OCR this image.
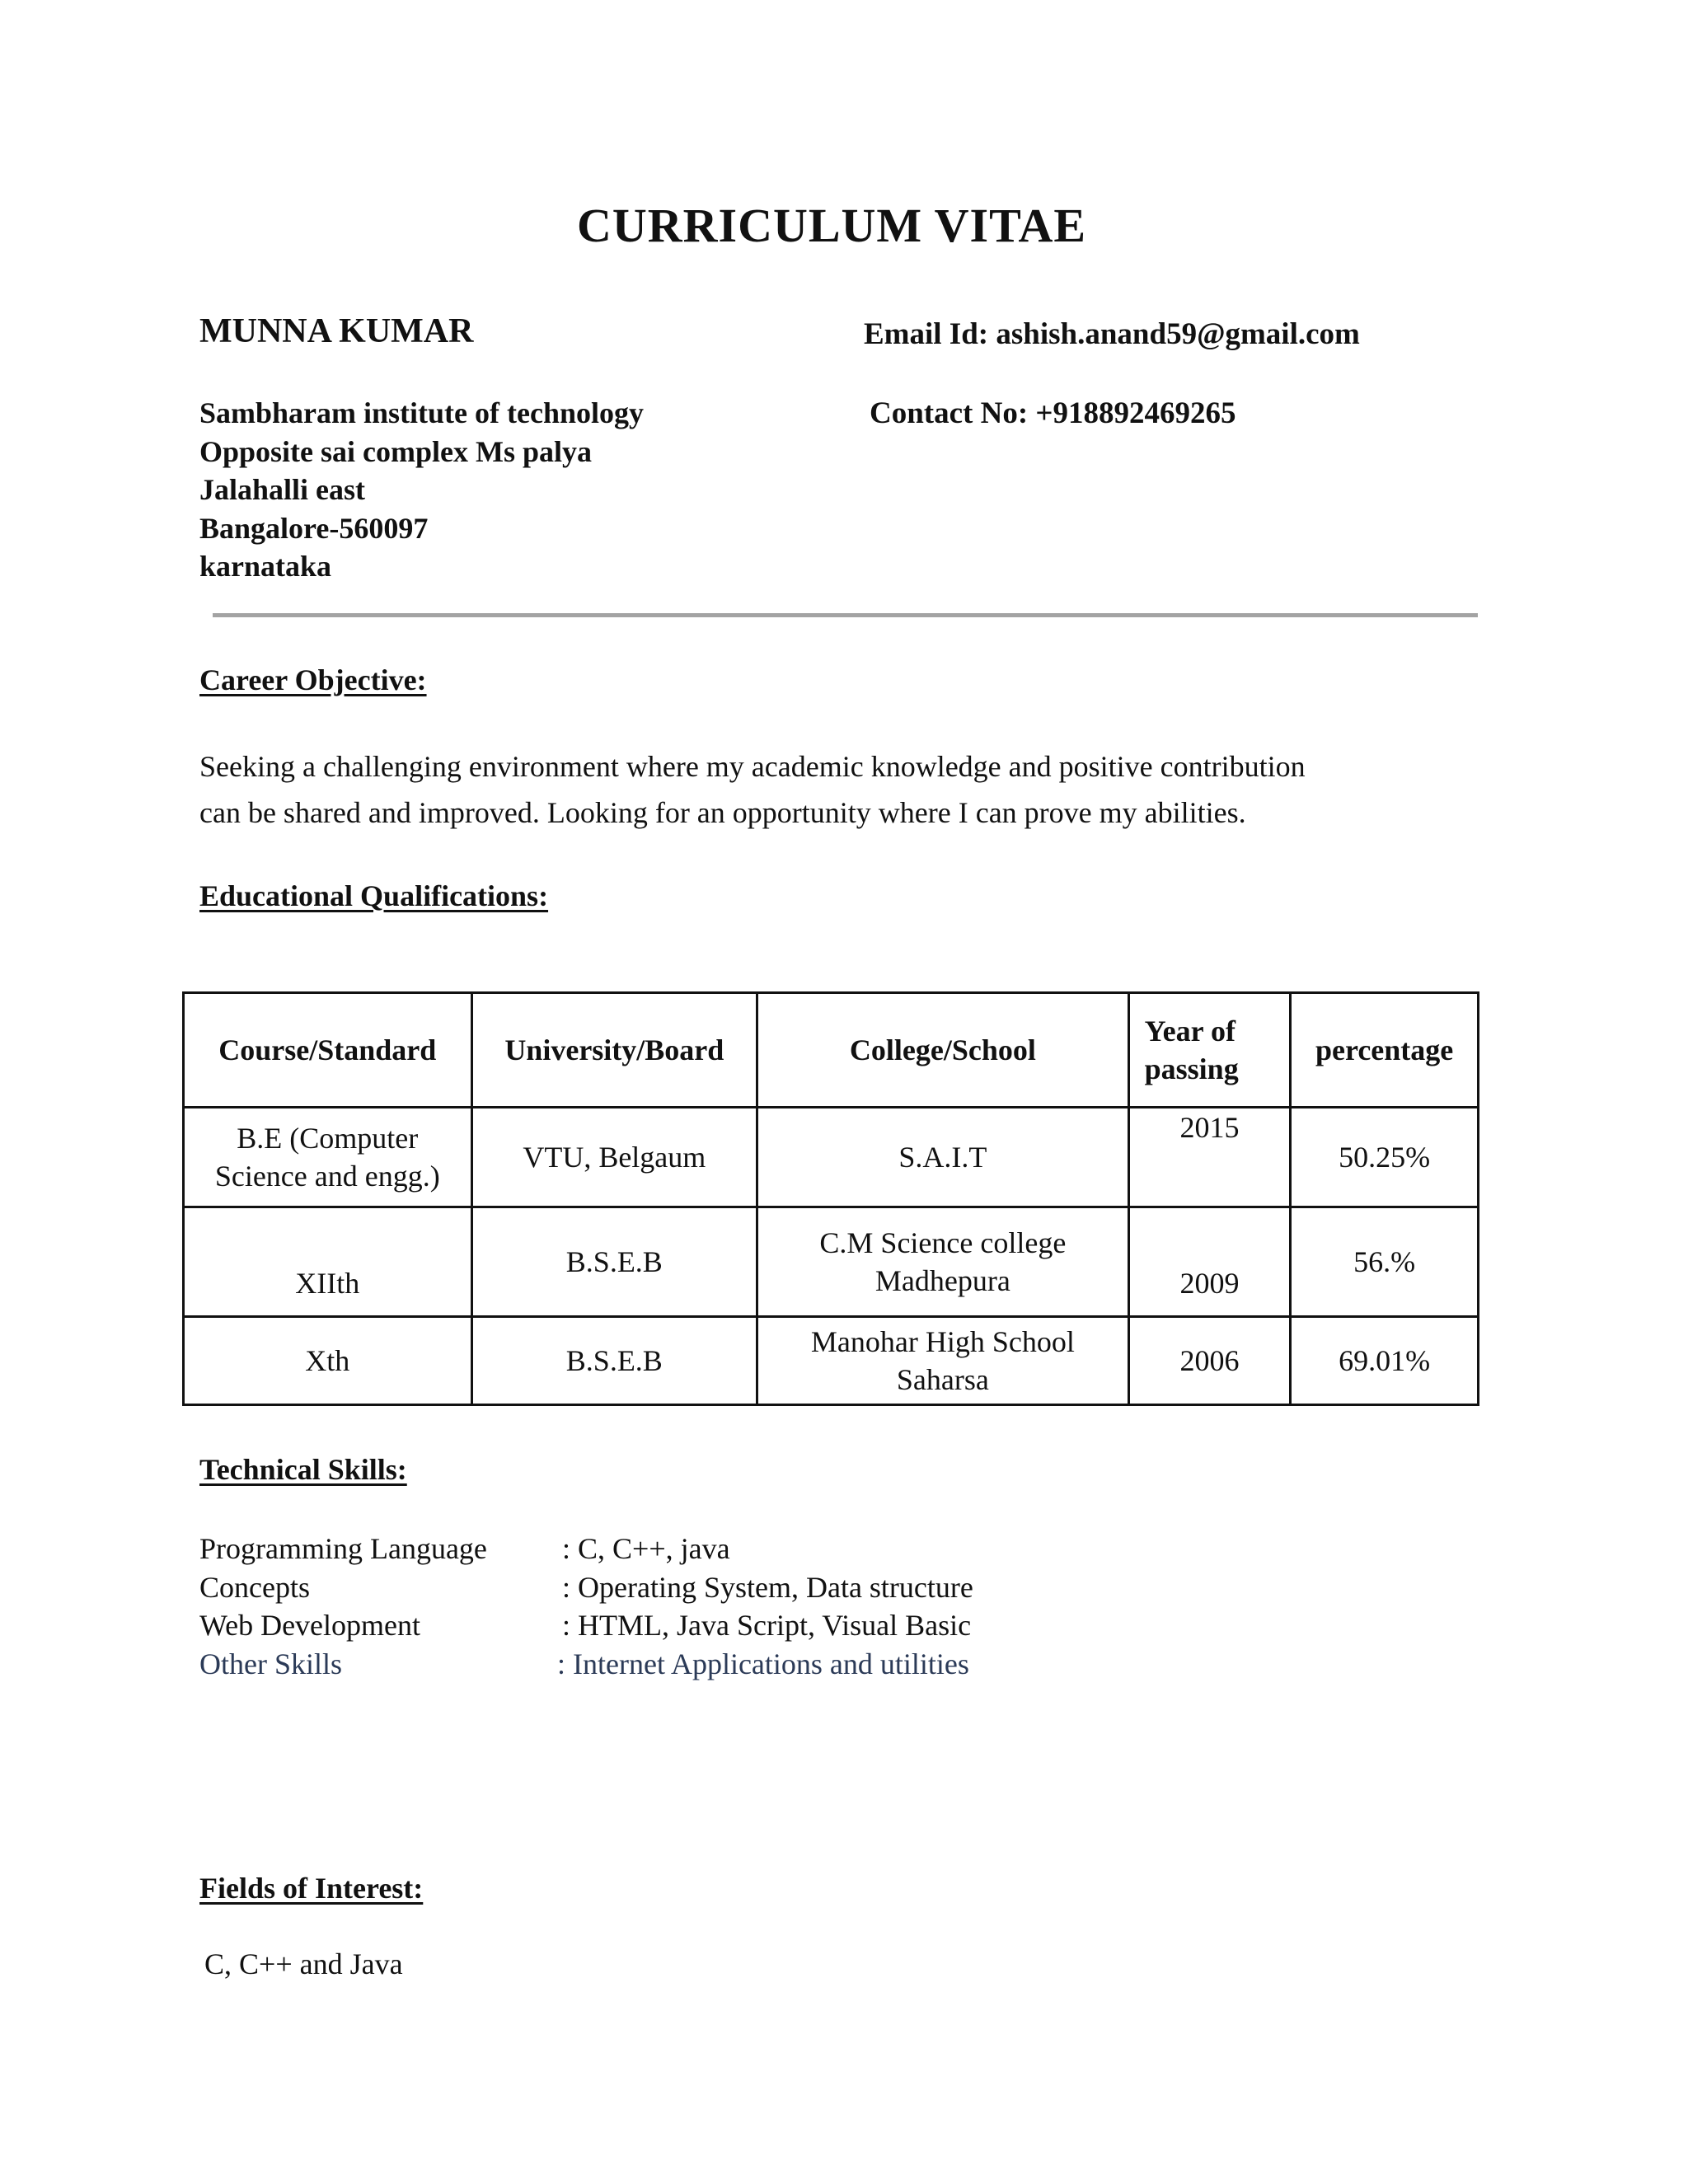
CURRICULUM VITAE
MUNNA KUMAR	Email Id: ashish.anand59@gmail.com
Contact No: +918892469265
Sambharam institute of technology
Opposite sai complex Ms palya
Jalahalli east
Bangalore-560097
karnataka
Career Objective:
Seeking a challenging environment where my academic knowledge and positive contribution
can be shared and improved. Looking for an opportunity where I can prove my abilities.
Educational Qualifications:
Course/Standard	University/Board	College/School	Year of passing	percentage
B.E (Computer Science and engg.)	VTU, Belgaum	S.A.I.T	2015	50.25%
XIIth	B.S.E.B	C.M Science college Madhepura	2009	56.%
Xth	B.S.E.B	Manohar High School Saharsa	2006	69.01%
Technical Skills:
Programming Language	: C, C++, java
Concepts	: Operating System, Data structure
Web Development	: HTML, Java Script, Visual Basic
Other Skills	: Internet Applications and utilities
Fields of Interest:
C, C++ and Java
